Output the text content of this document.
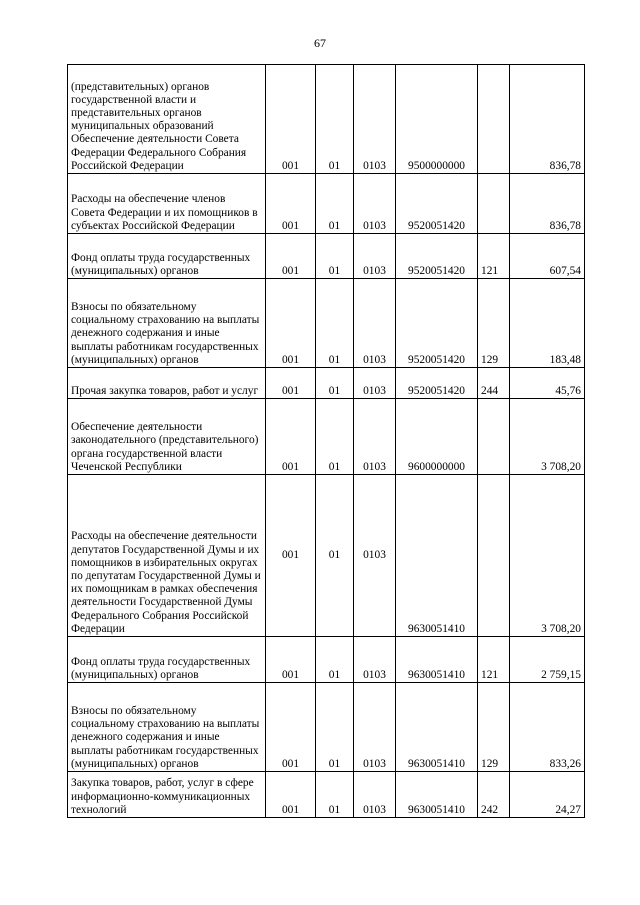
67
(представительных) органов государственной власти и представительных органов муниципальных образований Обеспечение деятельности Совета Федерации Федерального Собрания Российской Федерации	001	01	0103	9500000000		836,78
Расходы на обеспечение членов Совета Федерации и их помощников в субъектах Российской Федерации	001	01	0103	9520051420		836,78
Фонд оплаты труда государственных (муниципальных) органов	001	01	0103	9520051420	121	607,54
Взносы по обязательному социальному страхованию на выплаты денежного содержания и иные выплаты работникам государственных (муниципальных) органов	001	01	0103	9520051420	129	183,48
Прочая закупка товаров, работ и услуг	001	01	0103	9520051420	244	45,76
Обеспечение деятельности законодательного (представительного) органа государственной власти Чеченской Республики	001	01	0103	9600000000		3 708,20
Расходы на обеспечение деятельности депутатов Государственной Думы и их помощников в избирательных округах по депутатам Государственной Думы и их помощникам в рамках обеспечения деятельности Государственной Думы Федерального Собрания Российской Федерации	001	01	0103	9630051410		3 708,20
Фонд оплаты труда государственных (муниципальных) органов	001	01	0103	9630051410	121	2 759,15
Взносы по обязательному социальному страхованию на выплаты денежного содержания и иные выплаты работникам государственных (муниципальных) органов	001	01	0103	9630051410	129	833,26
Закупка товаров, работ, услуг в сфере информационно-коммуникационных технологий	001	01	0103	9630051410	242	24,27
